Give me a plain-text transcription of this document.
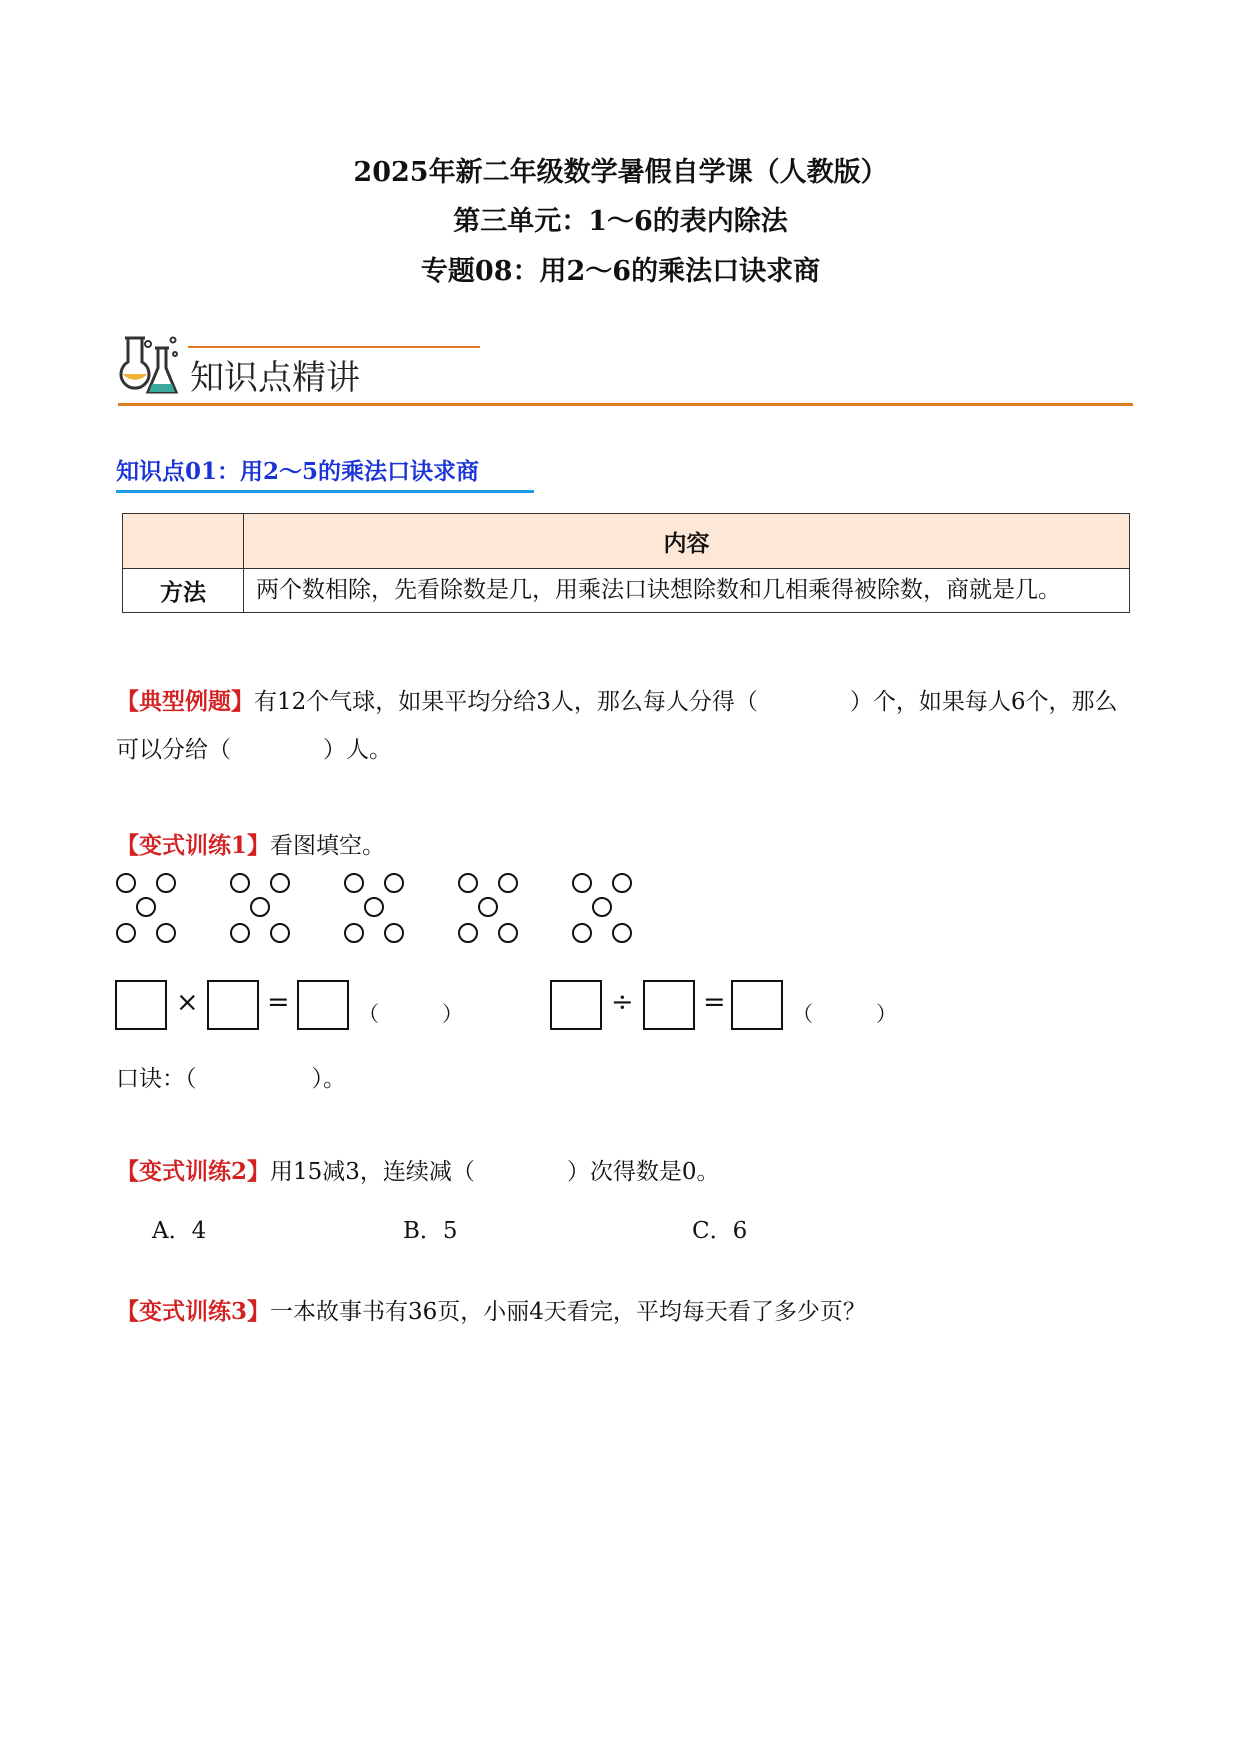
2025年新二年级数学暑假自学课（人教版）
第三单元：1～6的表内除法
专题08：用2～6的乘法口诀求商
知识点精讲
知识点01：用2～5的乘法口诀求商
	内容
方法	两个数相除，先看除数是几，用乘法口诀想除数和几相乘得被除数，商就是几。
【典型例题】有12个气球，如果平均分给3人，那么每人分得（　　　　）个，如果每人6个，那么可以分给（　　　　）人。
【变式训练1】看图填空。
×	=	（	）	÷	=	（	）
口诀：（　　　　　）。
【变式训练2】用15减3，连续减（　　　　）次得数是0。
A．4	B．5	C．6
【变式训练3】一本故事书有36页，小丽4天看完，平均每天看了多少页？
